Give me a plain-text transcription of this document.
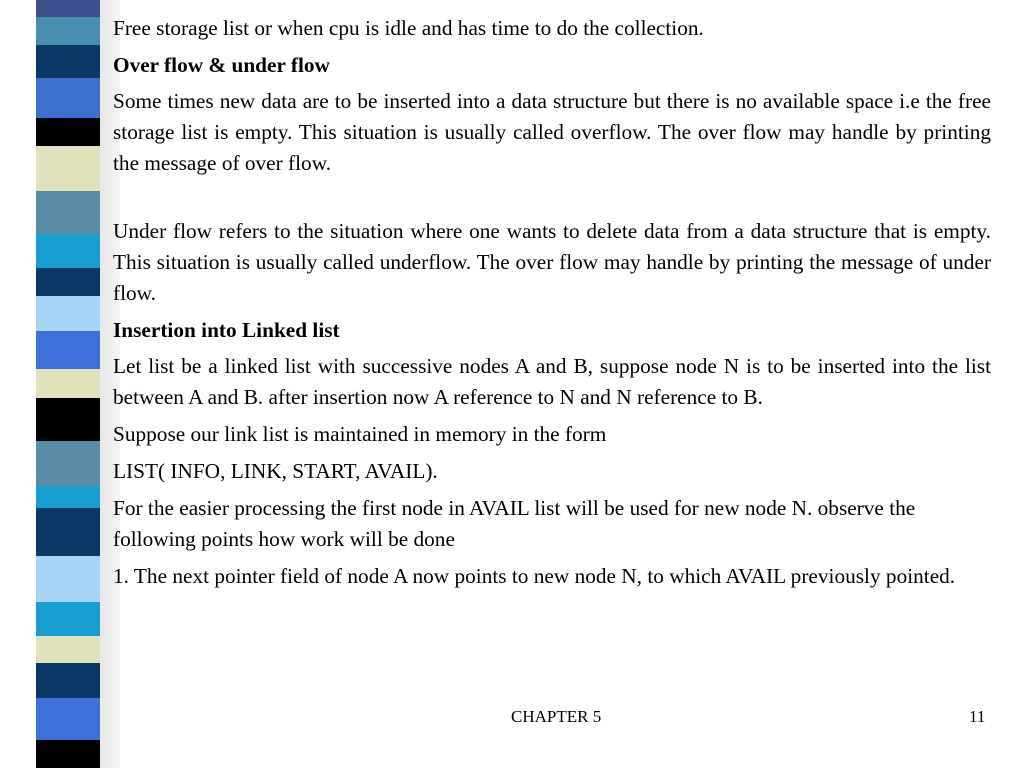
Free storage list or when cpu is idle and has time to do the collection.

Over flow & under flow

Some times new data are to be inserted into a data structure but there is no available space i.e the free storage list is empty. This situation is usually called overflow. The over flow may handle by printing the message of over flow.

Under flow refers to the situation where one wants to delete data from a data structure that is empty. This situation is usually called underflow. The over flow may handle by printing the message of under flow.

Insertion into Linked list

Let list be a linked list with successive nodes A and B, suppose node N is to be inserted into the list between A and B. after insertion now A reference to N and N reference to B.

Suppose our link list is maintained in memory in the form

LIST( INFO, LINK, START, AVAIL).

For the easier processing the first node in AVAIL list will be used for new node N. observe the following points how work will be done

1. The next pointer field of node A now points to new node N, to which AVAIL previously pointed.

CHAPTER 5	11
